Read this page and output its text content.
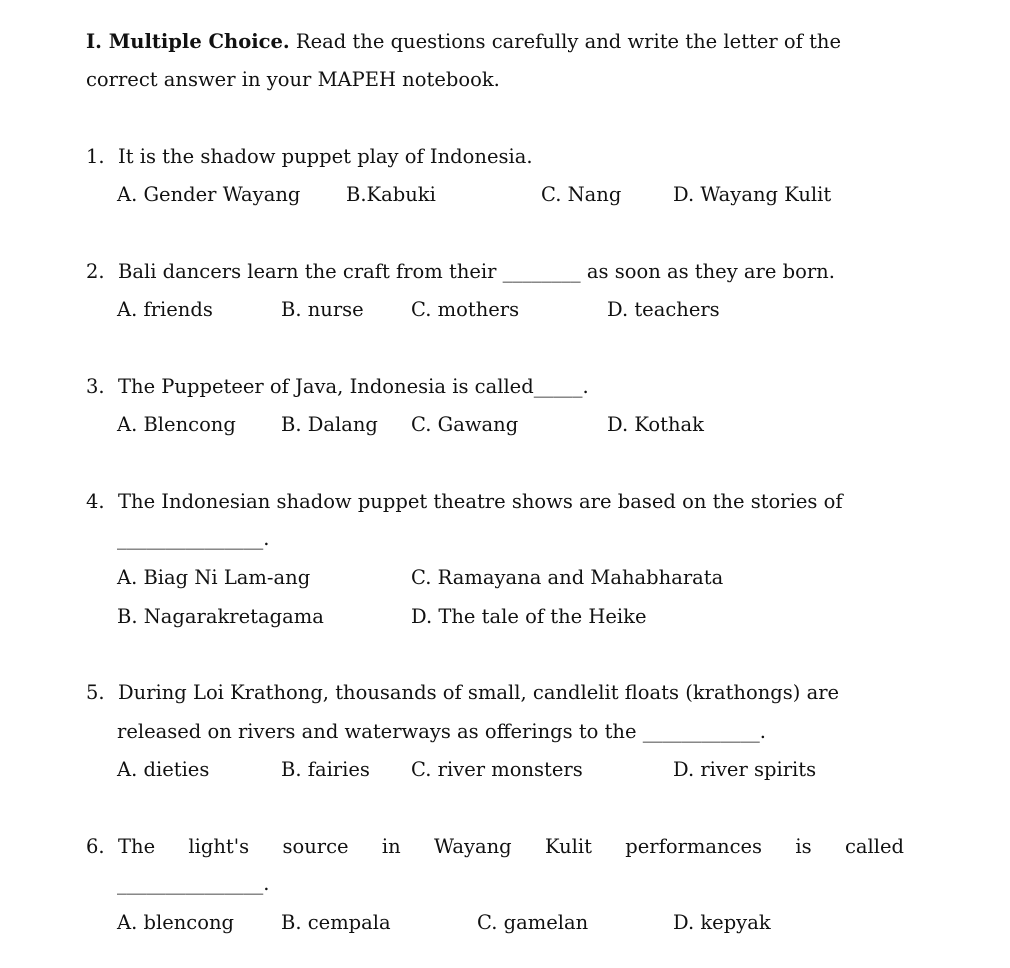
I. Multiple Choice. Read the questions carefully and write the letter of the
correct answer in your MAPEH notebook.
1. It is the shadow puppet play of Indonesia.
A. Gender Wayang B.Kabuki	C. Nang	D. Wayang Kulit
2. Bali dancers learn the craft from their ________ as soon as they are born.
A. friends	B. nurse C. mothers	D. teachers
3. The Puppeteer of Java, Indonesia is called_____.
A. Blencong B. Dalang C. Gawang	D. Kothak
4. The Indonesian shadow puppet theatre shows are based on the stories of
_______________.
A. Biag Ni Lam-ang	C. Ramayana and Mahabharata
B. Nagarakretagama	D. The tale of the Heike
5. During Loi Krathong, thousands of small, candlelit floats (krathongs) are
released on rivers and waterways as offerings to the ____________.
A. dieties	B. fairies C. river monsters	D. river spirits
6. The light's source in Wayang Kulit performances is called
_______________.
A. blencong B. cempala	C. gamelan	D. kepyak
